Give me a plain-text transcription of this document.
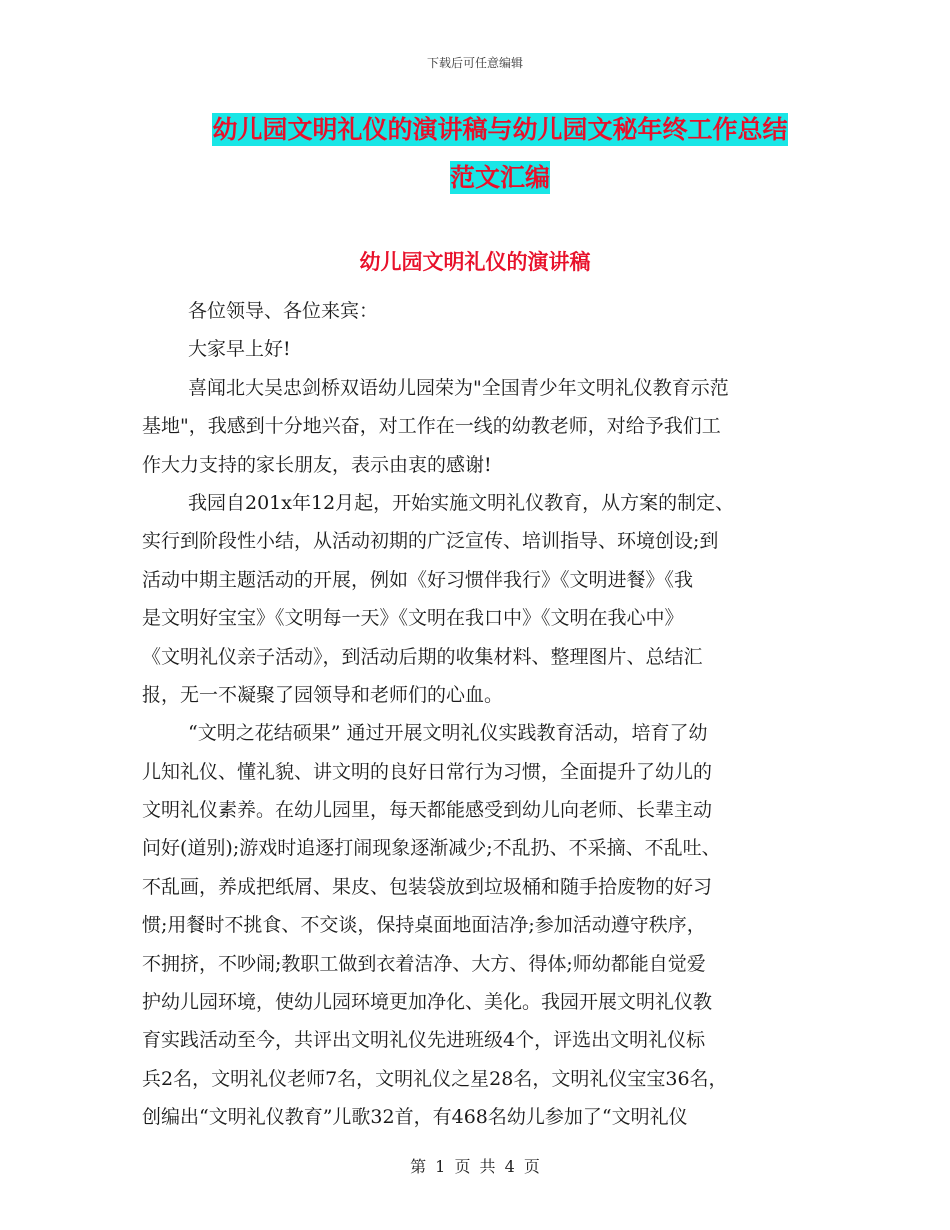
下载后可任意编辑
幼儿园文明礼仪的演讲稿与幼儿园文秘年终工作总结
范文汇编
幼儿园文明礼仪的演讲稿
各位领导、各位来宾：
大家早上好!
喜闻北大吴忠剑桥双语幼儿园荣为"全国青少年文明礼仪教育示范
基地"，我感到十分地兴奋，对工作在一线的幼教老师，对给予我们工
作大力支持的家长朋友，表示由衷的感谢!
我园自201x年12月起，开始实施文明礼仪教育，从方案的制定、
实行到阶段性小结，从活动初期的广泛宣传、培训指导、环境创设;到
活动中期主题活动的开展，例如《好习惯伴我行》《文明进餐》《我
是文明好宝宝》《文明每一天》《文明在我口中》《文明在我心中》
《文明礼仪亲子活动》，到活动后期的收集材料、整理图片、总结汇
报，无一不凝聚了园领导和老师们的心血。
“文明之花结硕果” 通过开展文明礼仪实践教育活动，培育了幼
儿知礼仪、懂礼貌、讲文明的良好日常行为习惯，全面提升了幼儿的
文明礼仪素养。在幼儿园里，每天都能感受到幼儿向老师、长辈主动
问好(道别);游戏时追逐打闹现象逐渐减少;不乱扔、不采摘、不乱吐、
不乱画，养成把纸屑、果皮、包装袋放到垃圾桶和随手拾废物的好习
惯;用餐时不挑食、不交谈，保持桌面地面洁净;参加活动遵守秩序，
不拥挤，不吵闹;教职工做到衣着洁净、大方、得体;师幼都能自觉爱
护幼儿园环境，使幼儿园环境更加净化、美化。我园开展文明礼仪教
育实践活动至今，共评出文明礼仪先进班级4个，评选出文明礼仪标
兵2名，文明礼仪老师7名，文明礼仪之星28名，文明礼仪宝宝36名，
创编出“文明礼仪教育”儿歌32首，有468名幼儿参加了“文明礼仪
第 1 页 共 4 页
